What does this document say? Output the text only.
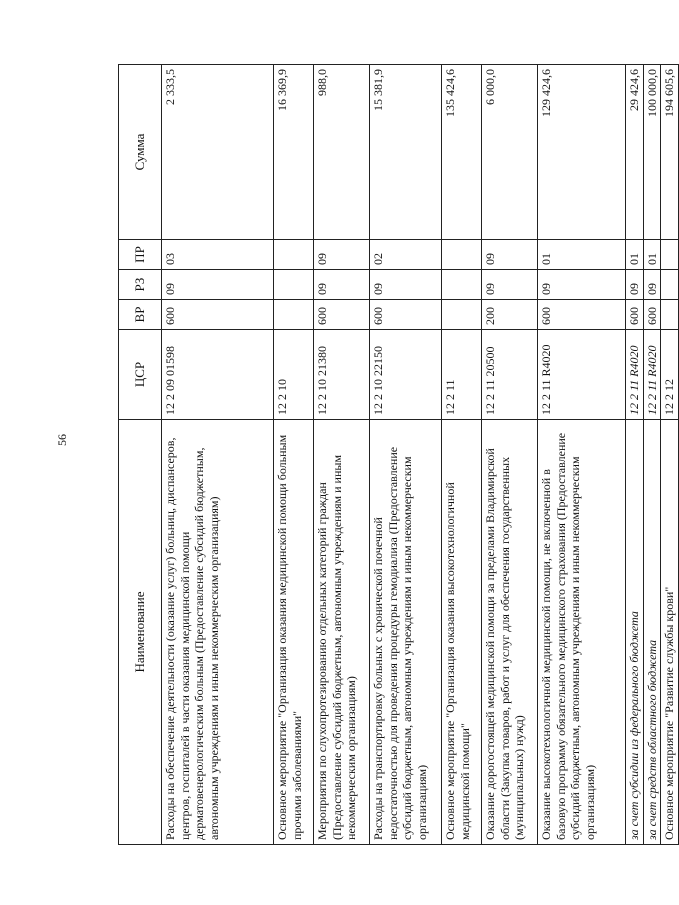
56
Наименование	ЦСР	ВР	РЗ	ПР	Сумма
Расходы на обеспечение деятельности (оказание услуг) больниц, диспансеров, центров, госпиталей в части оказания медицинской помощи дерматовенерологическим больным (Предоставление субсидий бюджетным, автономным учреждениям и иным некоммерческим организациям)	12 2 09 01598	600	09	03	2 333,5
Основное мероприятие "Организация оказания медицинской помощи больным прочими заболеваниями"	12 2 10				16 369,9
Мероприятия по слухопротезированию отдельных категорий граждан (Предоставление субсидий бюджетным, автономным учреждениям и иным некоммерческим организациям)	12 2 10 21380	600	09	09	988,0
Расходы на транспортировку больных с хронической почечной недостаточностью для проведения процедуры гемодиализа (Предоставление субсидий бюджетным, автономным учреждениям и иным некоммерческим организациям)	12 2 10 22150	600	09	02	15 381,9
Основное мероприятие "Организация оказания высокотехнологичной медицинской помощи"	12 2 11				135 424,6
Оказание дорогостоящей медицинской помощи за пределами Владимирской области (Закупка товаров, работ и услуг для обеспечения государственных (муниципальных) нужд)	12 2 11 20500	200	09	09	6 000,0
Оказание высокотехнологичной медицинской помощи, не включенной в базовую программу обязательного медицинского страхования (Предоставление субсидий бюджетным, автономным учреждениям и иным некоммерческим организациям)	12 2 11 R4020	600	09	01	129 424,6
за счет субсидии из федерального бюджета	12 2 11 R4020	600	09	01	29 424,6
за счет средств областного бюджета	12 2 11 R4020	600	09	01	100 000,0
Основное мероприятие "Развитие службы крови"	12 2 12				194 605,6
